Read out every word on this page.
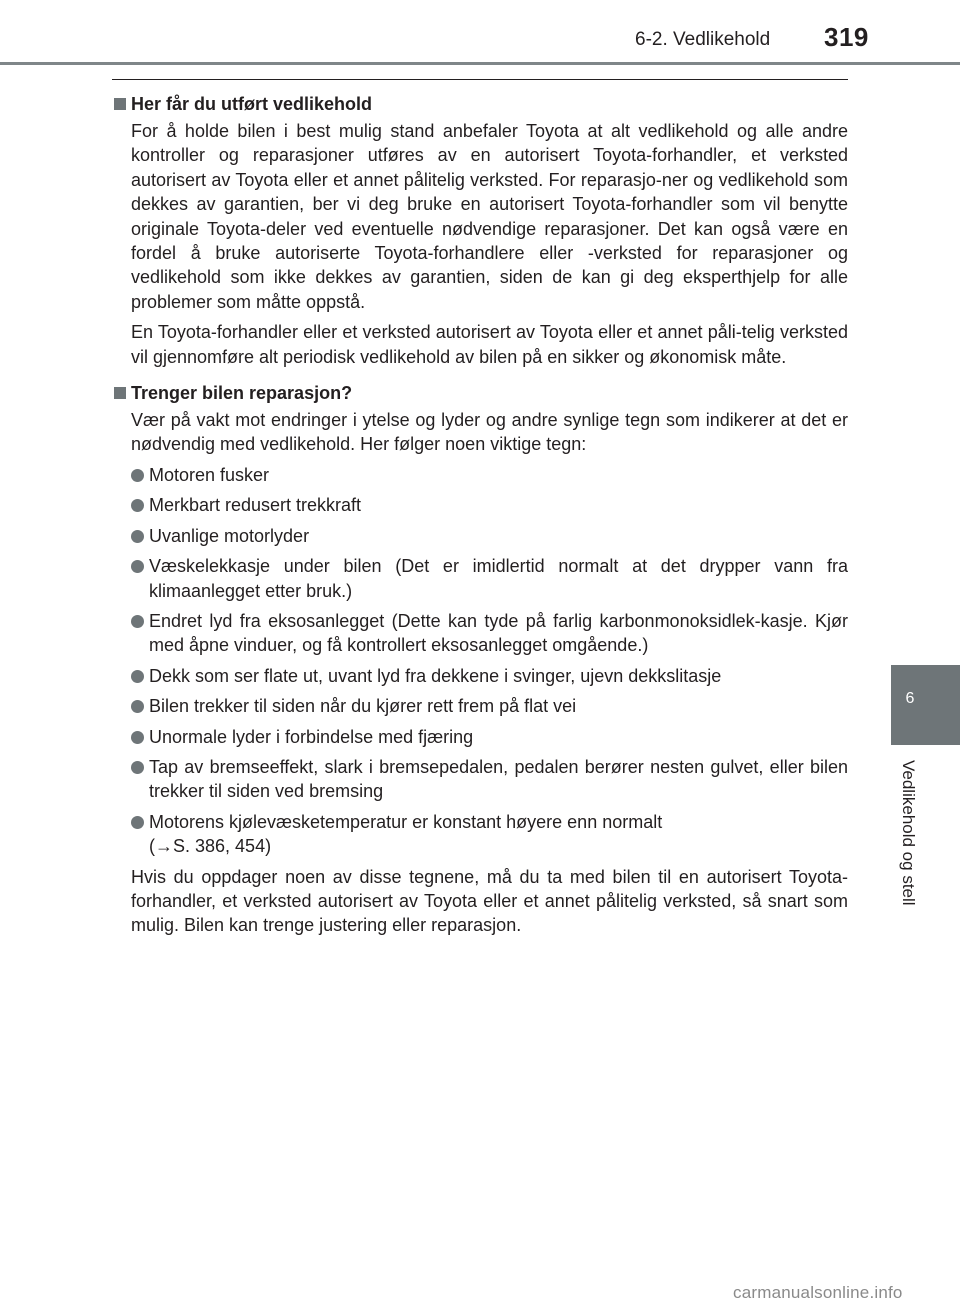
6-2. Vedlikehold 319
6
Vedlikehold og stell
Her får du utført vedlikehold

For å holde bilen i best mulig stand anbefaler Toyota at alt vedlikehold og alle andre kontroller og reparasjoner utføres av en autorisert Toyota-forhandler, et verksted autorisert av Toyota eller et annet pålitelig verksted. For reparasjo-ner og vedlikehold som dekkes av garantien, ber vi deg bruke en autorisert Toyota-forhandler som vil benytte originale Toyota-deler ved eventuelle nødvendige reparasjoner. Det kan også være en fordel å bruke autoriserte Toyota-forhandlere eller -verksted for reparasjoner og vedlikehold som ikke dekkes av garantien, siden de kan gi deg eksperthjelp for alle problemer som måtte oppstå.

En Toyota-forhandler eller et verksted autorisert av Toyota eller et annet påli-telig verksted vil gjennomføre alt periodisk vedlikehold av bilen på en sikker og økonomisk måte.

Trenger bilen reparasjon?

Vær på vakt mot endringer i ytelse og lyder og andre synlige tegn som indikerer at det er nødvendig med vedlikehold. Her følger noen viktige tegn:

Motoren fusker
Merkbart redusert trekkraft
Uvanlige motorlyder
Væskelekkasje under bilen (Det er imidlertid normalt at det drypper vann fra klimaanlegget etter bruk.)
Endret lyd fra eksosanlegget (Dette kan tyde på farlig karbonmonoksidlek-kasje. Kjør med åpne vinduer, og få kontrollert eksosanlegget omgående.)
Dekk som ser flate ut, uvant lyd fra dekkene i svinger, ujevn dekkslitasje
Bilen trekker til siden når du kjører rett frem på flat vei
Unormale lyder i forbindelse med fjæring
Tap av bremseeffekt, slark i bremsepedalen, pedalen berører nesten gulvet, eller bilen trekker til siden ved bremsing
Motorens kjølevæsketemperatur er konstant høyere enn normalt
(→S. 386, 454)

Hvis du oppdager noen av disse tegnene, må du ta med bilen til en autorisert Toyota-forhandler, et verksted autorisert av Toyota eller et annet pålitelig verksted, så snart som mulig. Bilen kan trenge justering eller reparasjon.

carmanualsonline.info
